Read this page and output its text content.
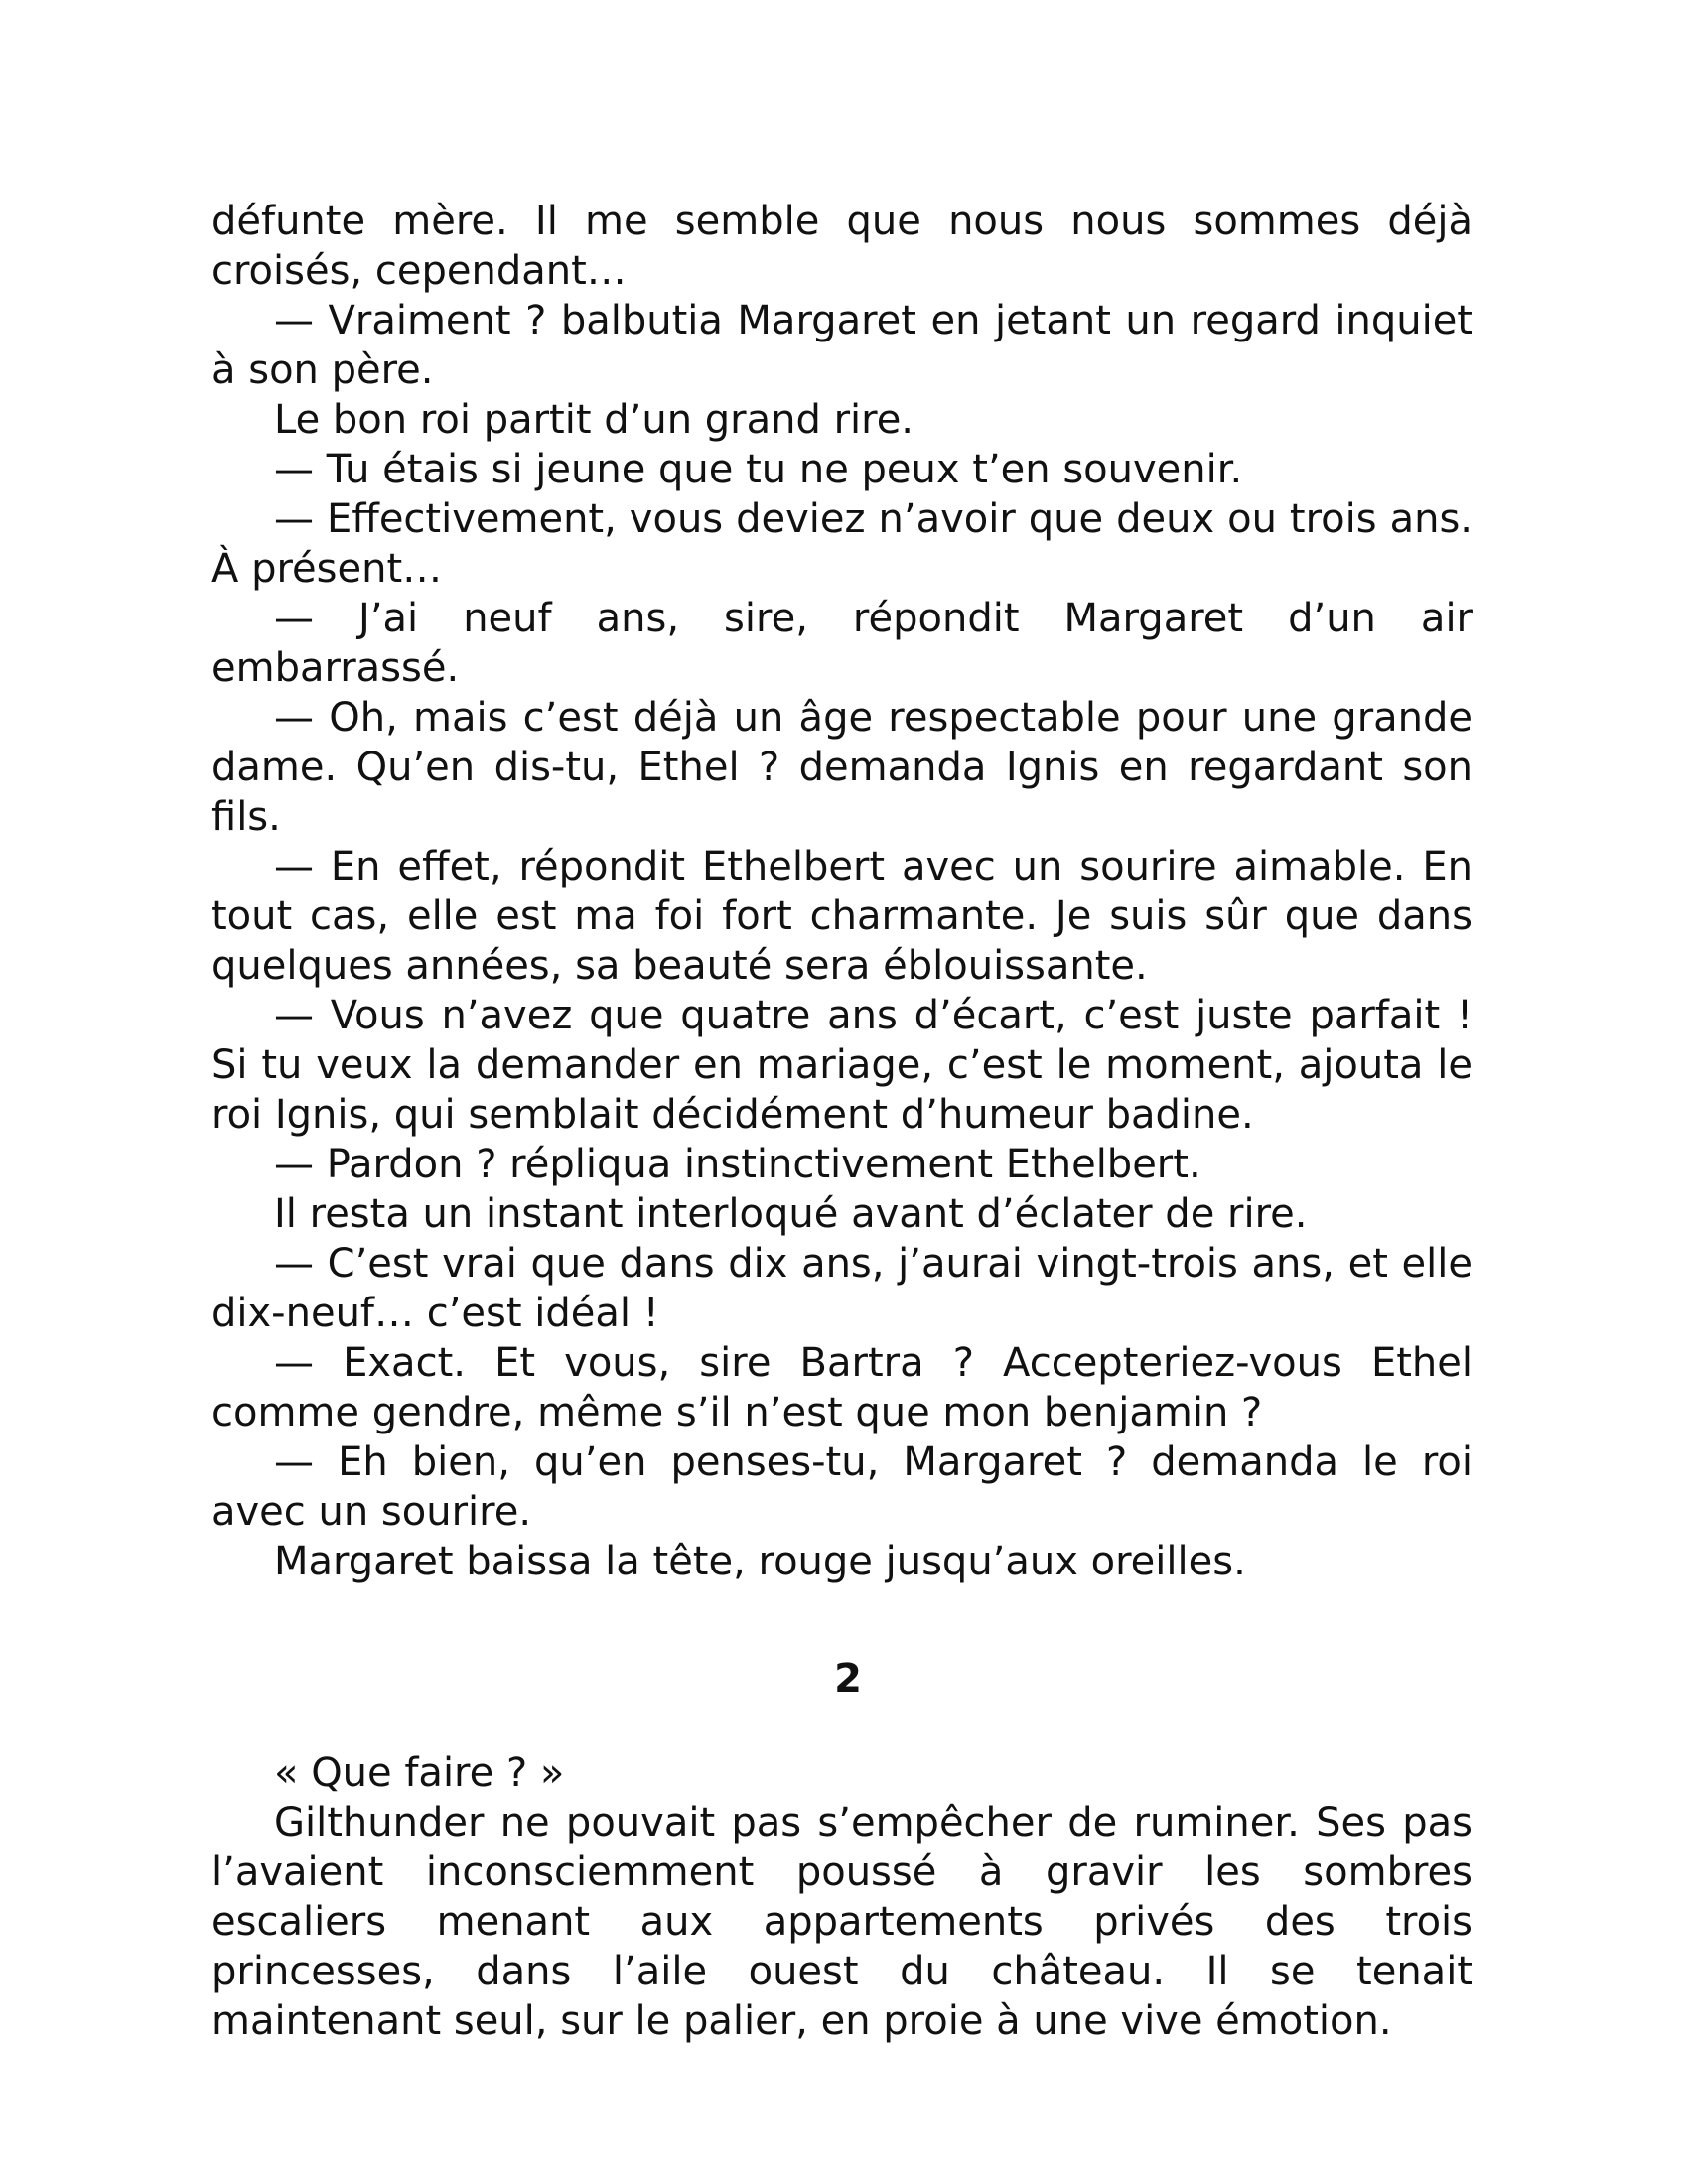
défunte mère. Il me semble que nous nous sommes déjà croisés, cependant…

— Vraiment ? balbutia Margaret en jetant un regard inquiet à son père.

Le bon roi partit d’un grand rire.

— Tu étais si jeune que tu ne peux t’en souvenir.

— Effectivement, vous deviez n’avoir que deux ou trois ans. À présent…

— J’ai neuf ans, sire, répondit Margaret d’un air embarrassé.

— Oh, mais c’est déjà un âge respectable pour une grande dame. Qu’en dis-tu, Ethel ? demanda Ignis en regardant son fils.

— En effet, répondit Ethelbert avec un sourire aimable. En tout cas, elle est ma foi fort charmante. Je suis sûr que dans quelques années, sa beauté sera éblouissante.

— Vous n’avez que quatre ans d’écart, c’est juste parfait ! Si tu veux la demander en mariage, c’est le moment, ajouta le roi Ignis, qui semblait décidément d’humeur badine.

— Pardon ? répliqua instinctivement Ethelbert.

Il resta un instant interloqué avant d’éclater de rire.

— C’est vrai que dans dix ans, j’aurai vingt-trois ans, et elle dix-neuf… c’est idéal !

— Exact. Et vous, sire Bartra ? Accepteriez-vous Ethel comme gendre, même s’il n’est que mon benjamin ?

— Eh bien, qu’en penses-tu, Margaret ? demanda le roi avec un sourire.

Margaret baissa la tête, rouge jusqu’aux oreilles.

2

« Que faire ? »

Gilthunder ne pouvait pas s’empêcher de ruminer. Ses pas l’avaient inconsciemment poussé à gravir les sombres escaliers menant aux appartements privés des trois princesses, dans l’aile ouest du château. Il se tenait maintenant seul, sur le palier, en proie à une vive émotion.
